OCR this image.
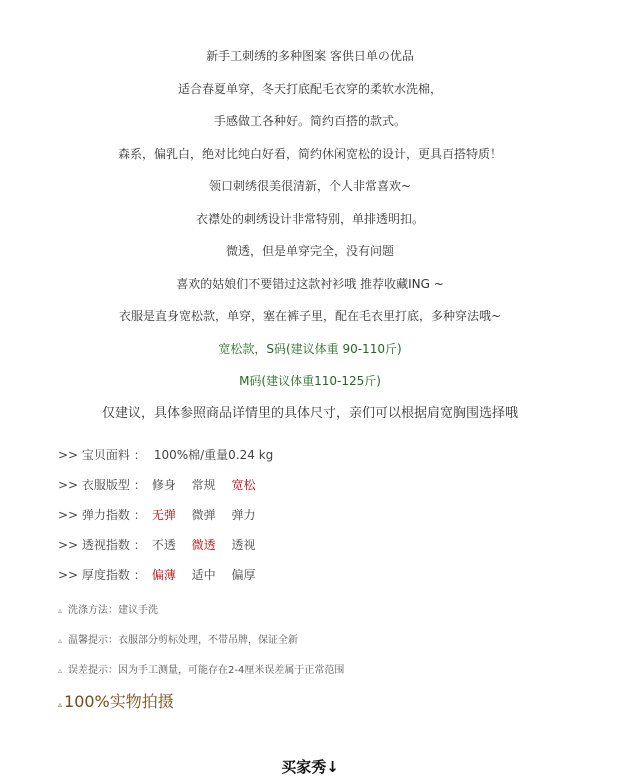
新手工刺绣的多种图案 客供日单の优品
适合春夏单穿，冬天打底配毛衣穿的柔软水洗棉，
手感做工各种好。简约百搭的款式。
森系，偏乳白，绝对比纯白好看，简约休闲宽松的设计，更具百搭特质！
领口刺绣很美很清新，个人非常喜欢~
衣襟处的刺绣设计非常特别，单排透明扣。
微透，但是单穿完全，没有问题
喜欢的姑娘们不要错过这款衬衫哦 推荐收藏ING ~
衣服是直身宽松款，单穿，塞在裤子里，配在毛衣里打底，多种穿法哦~
宽松款，S码(建议体重 90-110斤)
M码(建议体重110-125斤)
仅建议，具体参照商品详情里的具体尺寸，亲们可以根据肩宽胸围选择哦
>> 宝贝面料 ： 100%棉/重量0.24 kg
>> 衣服版型 ： 修身 常规 宽松
>> 弹力指数 ： 无弹 微弹 弹力
>> 透视指数 ： 不透 微透 透视
>> 厚度指数 ： 偏薄 适中 偏厚
▵ 洗涤方法：建议手洗
▵ 温馨提示：衣服部分剪标处理，不带吊牌，保证全新
▵ 误差提示：因为手工测量，可能存在2-4厘米误差属于正常范围
▵ 100%实物拍摄
买家秀↓
